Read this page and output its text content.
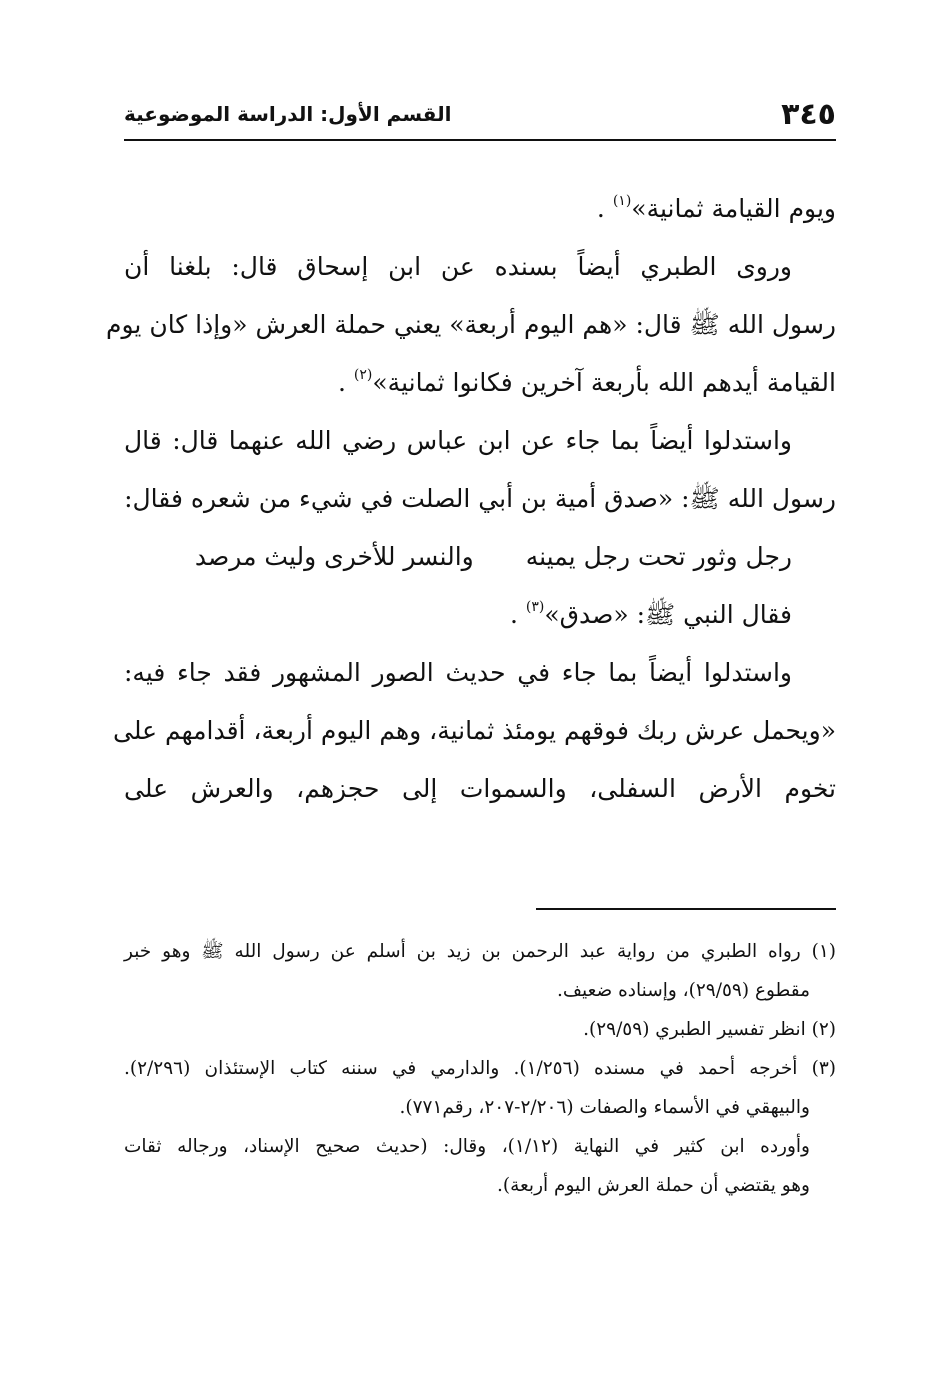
٣٤٥
القسم الأول: الدراسة الموضوعية
ويوم القيامة ثمانية»$^{(١)}$ .
وروى الطبري أيضاً بسنده عن ابن إسحاق قال: بلغنا أن
رسول الله ﷺ قال: «هم اليوم أربعة» يعني حملة العرش «وإذا كان يوم
القيامة أيدهم الله بأربعة آخرين فكانوا ثمانية»$^{(٢)}$ .
واستدلوا أيضاً بما جاء عن ابن عباس رضي الله عنهما قال: قال
رسول الله ﷺ: «صدق أمية بن أبي الصلت في شيء من شعره فقال:
رجل وثور تحت رجل يمينه
والنسر للأخرى وليث مرصد
فقال النبي ﷺ: «صدق»$^{(٣)}$ .
واستدلوا أيضاً بما جاء في حديث الصور المشهور فقد جاء فيه:
«ويحمل عرش ربك فوقهم يومئذ ثمانية، وهم اليوم أربعة، أقدامهم على
تخوم الأرض السفلى، والسموات إلى حجزهم، والعرش على
(١) رواه الطبري من رواية عبد الرحمن بن زيد بن أسلم عن رسول الله ﷺ وهو خبر
مقطوع (٢٩/٥٩)، وإسناده ضعيف.
(٢) انظر تفسير الطبري (٢٩/٥٩).
(٣) أخرجه أحمد في مسنده (١/٢٥٦). والدارمي في سننه كتاب الإستئذان (٢/٢٩٦).
والبيهقي في الأسماء والصفات (٢/٢٠٦-٢٠٧، رقم٧٧١).
وأورده ابن كثير في النهاية (١/١٢)، وقال: (حديث صحيح الإسناد، ورجاله ثقات
وهو يقتضي أن حملة العرش اليوم أربعة).
